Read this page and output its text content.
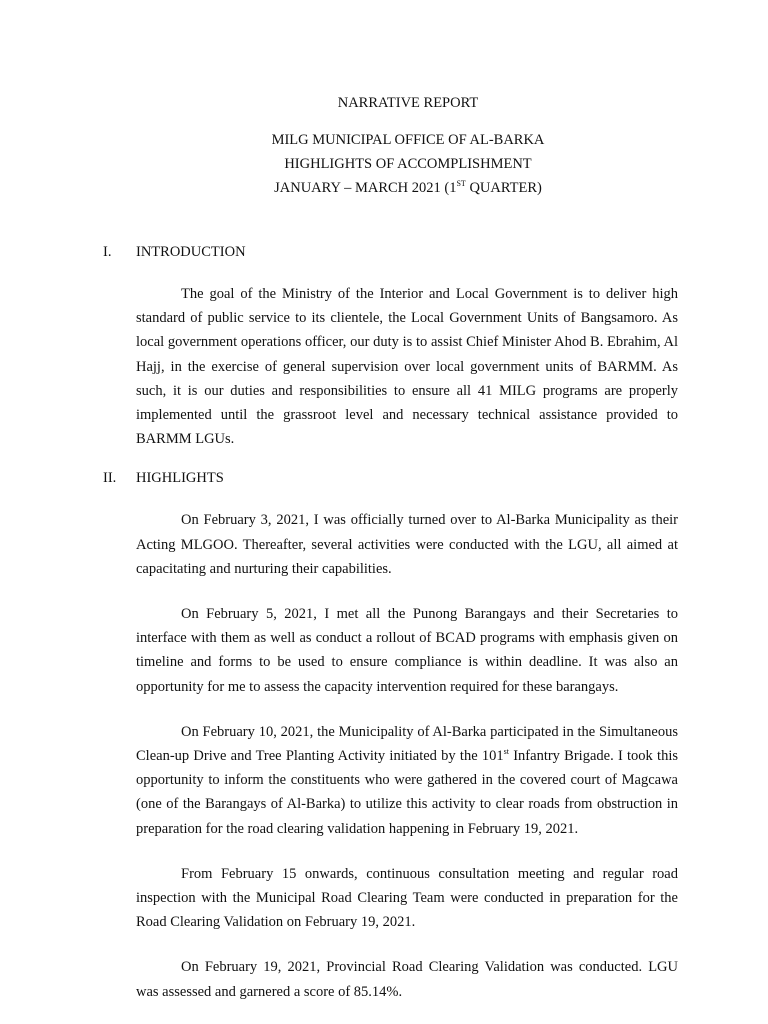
NARRATIVE REPORT
MILG MUNICIPAL OFFICE OF AL-BARKA
HIGHLIGHTS OF ACCOMPLISHMENT
JANUARY – MARCH 2021 (1ST QUARTER)
I. INTRODUCTION

The goal of the Ministry of the Interior and Local Government is to deliver high standard of public service to its clientele, the Local Government Units of Bangsamoro. As local government operations officer, our duty is to assist Chief Minister Ahod B. Ebrahim, Al Hajj, in the exercise of general supervision over local government units of BARMM. As such, it is our duties and responsibilities to ensure all 41 MILG programs are properly implemented until the grassroot level and necessary technical assistance provided to BARMM LGUs.

II. HIGHLIGHTS

On February 3, 2021, I was officially turned over to Al-Barka Municipality as their Acting MLGOO. Thereafter, several activities were conducted with the LGU, all aimed at capacitating and nurturing their capabilities.

On February 5, 2021, I met all the Punong Barangays and their Secretaries to interface with them as well as conduct a rollout of BCAD programs with emphasis given on timeline and forms to be used to ensure compliance is within deadline. It was also an opportunity for me to assess the capacity intervention required for these barangays.

On February 10, 2021, the Municipality of Al-Barka participated in the Simultaneous Clean-up Drive and Tree Planting Activity initiated by the 101st Infantry Brigade. I took this opportunity to inform the constituents who were gathered in the covered court of Magcawa (one of the Barangays of Al-Barka) to utilize this activity to clear roads from obstruction in preparation for the road clearing validation happening in February 19, 2021.

From February 15 onwards, continuous consultation meeting and regular road inspection with the Municipal Road Clearing Team were conducted in preparation for the Road Clearing Validation on February 19, 2021.

On February 19, 2021, Provincial Road Clearing Validation was conducted. LGU was assessed and garnered a score of 85.14%.
